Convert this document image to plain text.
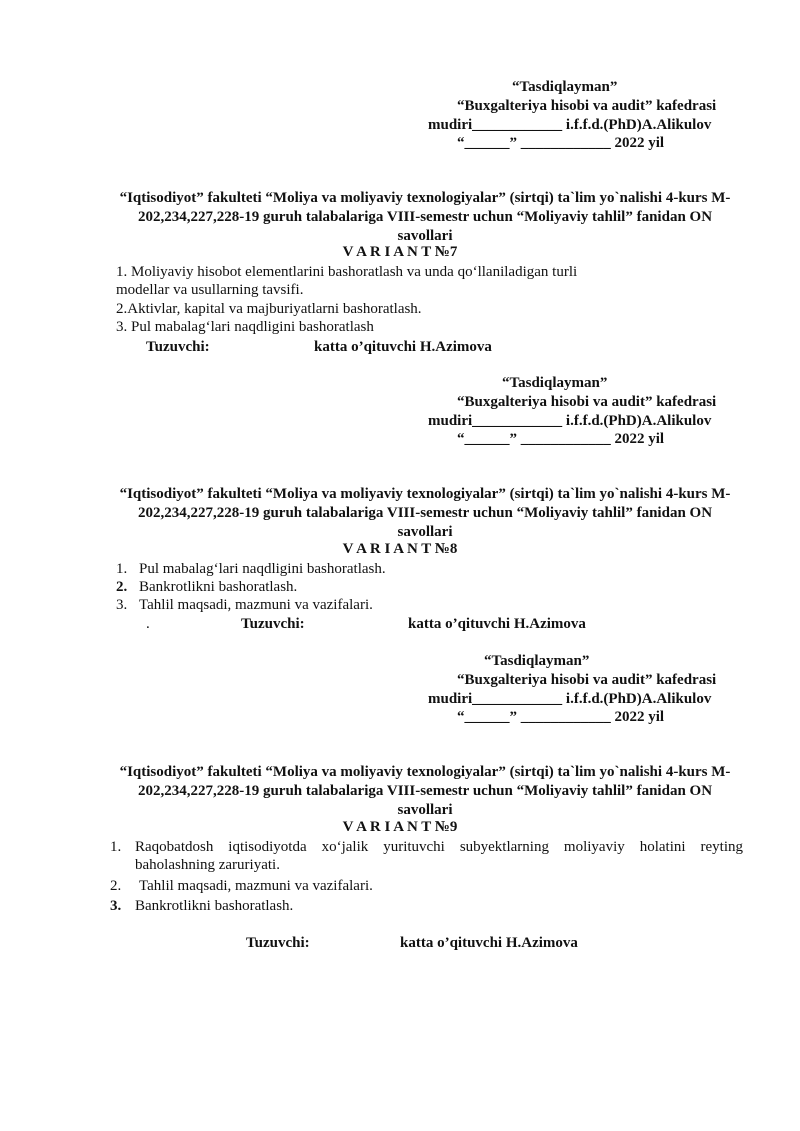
“Tasdiqlayman”
“Buxgalteriya hisobi va audit” kafedrasi
mudiri____________ i.f.f.d.(PhD)A.Alikulov
“______” ____________ 2022 yil
“Iqtisodiyot” fakulteti “Moliya va moliyaviy texnologiyalar” (sirtqi) ta`lim yo`nalishi 4-kurs M-202,234,227,228-19 guruh talabalariga VIII-semestr uchun “Moliyaviy tahlil” fanidan ON savollari
V A R I A N T №7
1. Moliyaviy hisobot elementlarini bashoratlash va unda qo‘llaniladigan turli
modellar va usullarning tavsifi.
2.Aktivlar, kapital va majburiyatlarni bashoratlash.
3. Pul mabalag‘lari naqdligini bashoratlash
Tuzuvchi:	katta o’qituvchi H.Azimova
“Tasdiqlayman”
“Buxgalteriya hisobi va audit” kafedrasi
mudiri____________ i.f.f.d.(PhD)A.Alikulov
“______” ____________ 2022 yil
“Iqtisodiyot” fakulteti “Moliya va moliyaviy texnologiyalar” (sirtqi) ta`lim yo`nalishi 4-kurs M-202,234,227,228-19 guruh talabalariga VIII-semestr uchun “Moliyaviy tahlil” fanidan ON savollari
V A R I A N T №8
1. Pul mabalag‘lari naqdligini bashoratlash.
2. Bankrotlikni bashoratlash.
3. Tahlil maqsadi, mazmuni va vazifalari.
.	Tuzuvchi:	katta o’qituvchi H.Azimova
“Tasdiqlayman”
“Buxgalteriya hisobi va audit” kafedrasi
mudiri____________ i.f.f.d.(PhD)A.Alikulov
“______” ____________ 2022 yil
“Iqtisodiyot” fakulteti “Moliya va moliyaviy texnologiyalar” (sirtqi) ta`lim yo`nalishi 4-kurs M-202,234,227,228-19 guruh talabalariga VIII-semestr uchun “Moliyaviy tahlil” fanidan ON savollari
V A R I A N T №9
1. Raqobatdosh iqtisodiyotda xo‘jalik yurituvchi subyektlarning moliyaviy holatini reyting baholashning zaruriyati.
2. Tahlil maqsadi, mazmuni va vazifalari.
3. Bankrotlikni bashoratlash.
Tuzuvchi:	katta o’qituvchi H.Azimova
